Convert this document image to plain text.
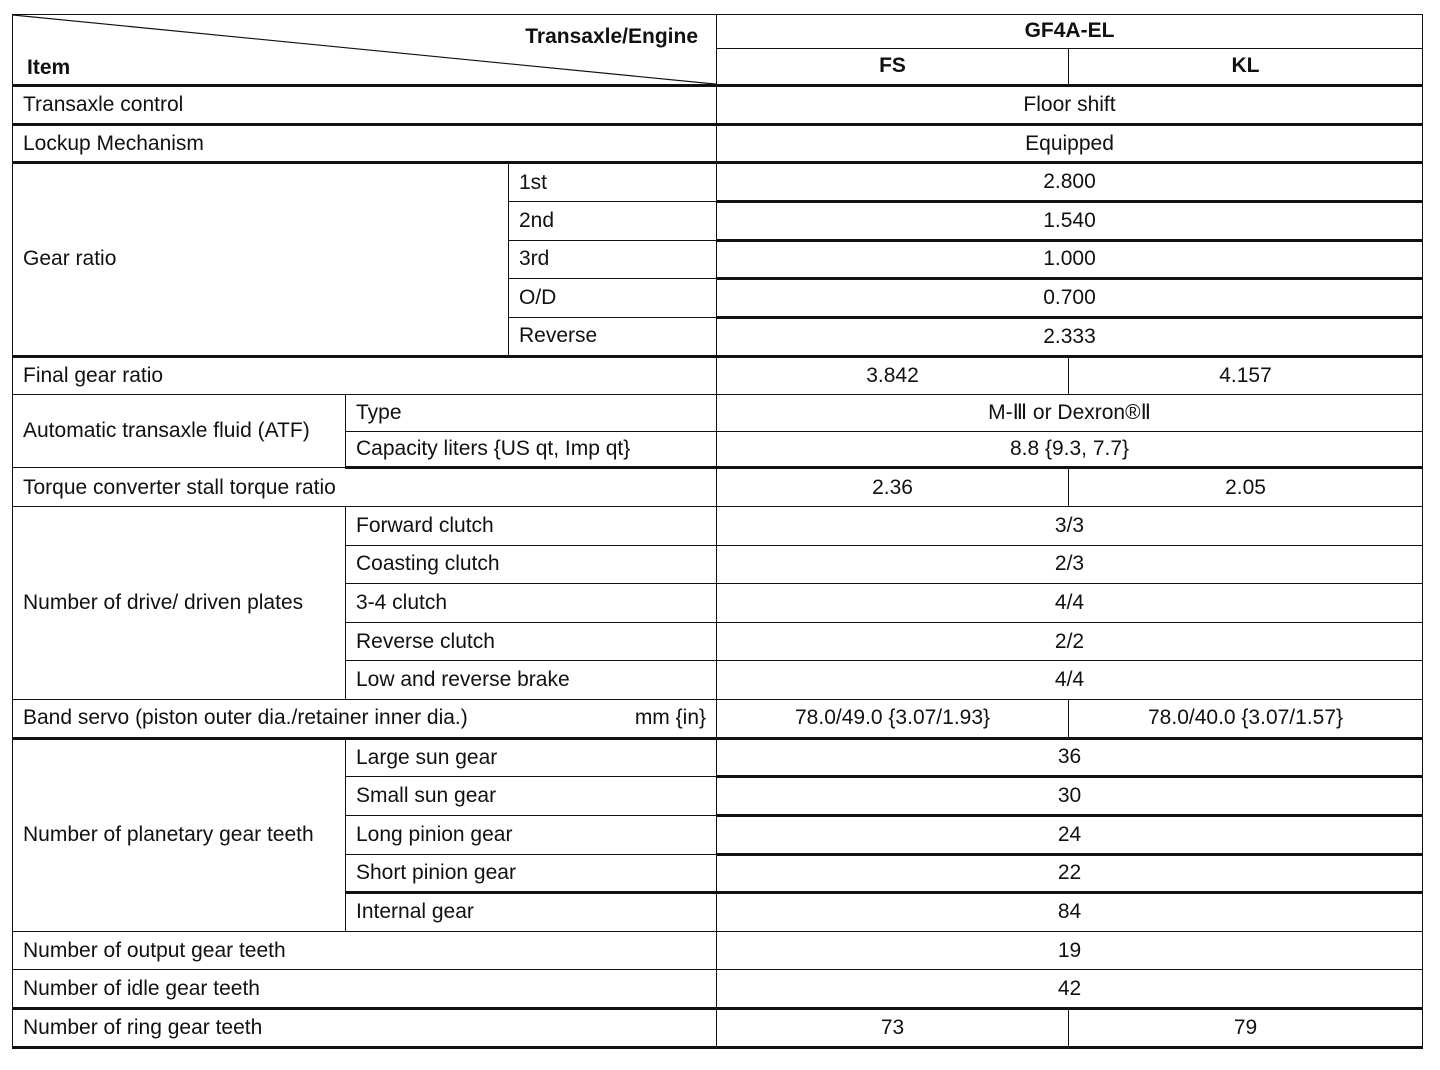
Transaxle/Engine
Item			GF4A-EL	
			FS	KL
Transaxle control			Floor shift	
Lockup Mechanism			Equipped	
Gear ratio		1st	2.800	
		2nd	1.540	
		3rd	1.000	
		O/D	0.700	
		Reverse	2.333	
Final gear ratio			3.842	4.157
Automatic transaxle fluid (ATF)	Type		M-Ⅲ or Dexron®Ⅱ	
	Capacity liters {US qt, Imp qt}		8.8 {9.3, 7.7}	
Torque converter stall torque ratio			2.36	2.05
Number of drive/ driven plates	Forward clutch		3/3	
	Coasting clutch		2/3	
	3-4 clutch		4/4	
	Reverse clutch		2/2	
	Low and reverse brake		4/4	
Band servo (piston outer dia./retainer inner dia.) mm {in}			78.0/49.0 {3.07/1.93}	78.0/40.0 {3.07/1.57}
Number of planetary gear teeth	Large sun gear		36	
	Small sun gear		30	
	Long pinion gear		24	
	Short pinion gear		22	
	Internal gear		84	
Number of output gear teeth			19	
Number of idle gear teeth			42	
Number of ring gear teeth			73	79
